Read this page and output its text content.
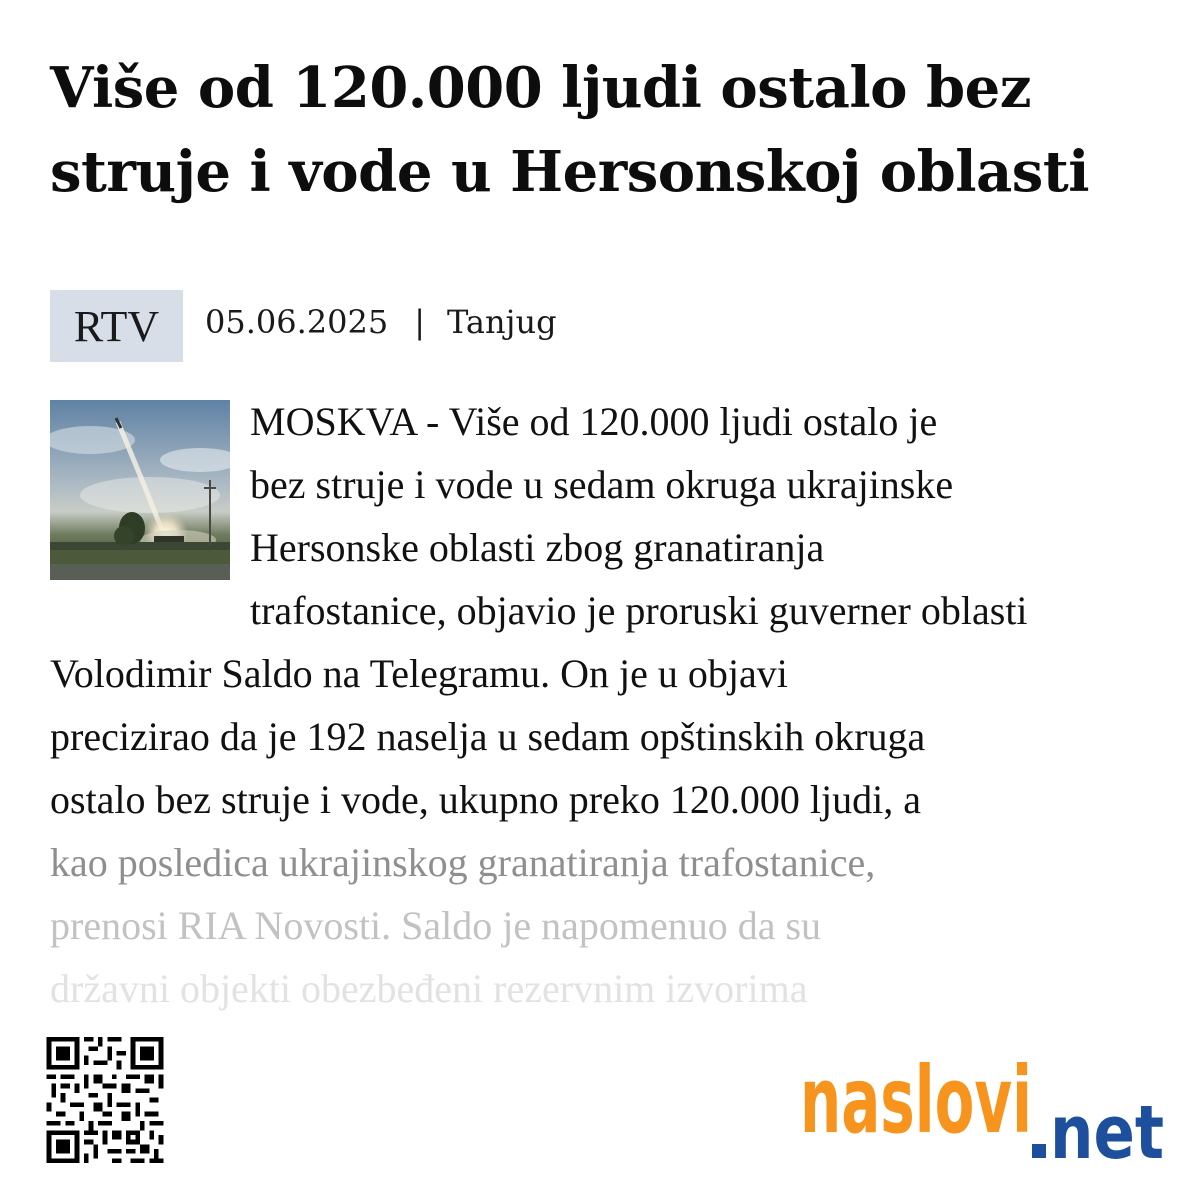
Više od 120.000 ljudi ostalo bez struje i vode u Hersonskoj oblasti
RTV	05.06.2025 | Tanjug
MOSKVA - Više od 120.000 ljudi ostalo je
bez struje i vode u sedam okruga ukrajinske
Hersonske oblasti zbog granatiranja
trafostanice, objavio je proruski guverner oblasti
Volodimir Saldo na Telegramu. On je u objavi
precizirao da je 192 naselja u sedam opštinskih okruga
ostalo bez struje i vode, ukupno preko 120.000 ljudi, a
kao posledica ukrajinskog granatiranja trafostanice,
prenosi RIA Novosti. Saldo je napomenuo da su
državni objekti obezbeđeni rezervnim izvorima
naslovi net
